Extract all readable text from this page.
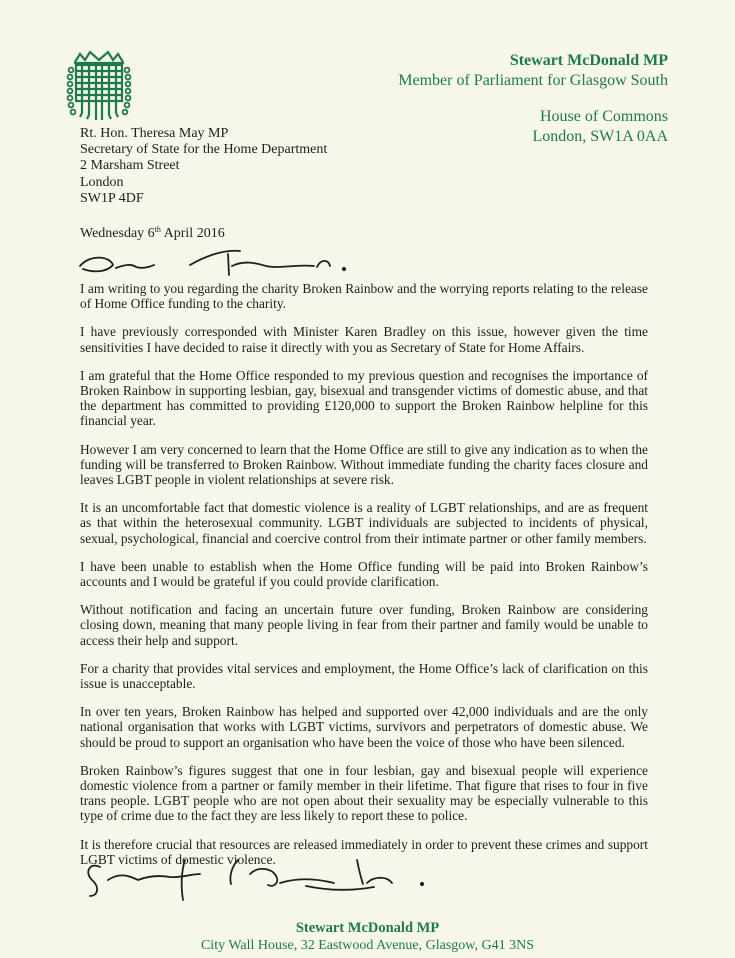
Stewart McDonald MP
Member of Parliament for Glasgow South
House of Commons
London, SW1A 0AA
Rt. Hon. Theresa May MP
Secretary of State for the Home Department
2 Marsham Street
London
SW1P 4DF
Wednesday 6th April 2016

I am writing to you regarding the charity Broken Rainbow and the worrying reports relating to the release of Home Office funding to the charity.

I have previously corresponded with Minister Karen Bradley on this issue, however given the time sensitivities I have decided to raise it directly with you as Secretary of State for Home Affairs.

I am grateful that the Home Office responded to my previous question and recognises the importance of Broken Rainbow in supporting lesbian, gay, bisexual and transgender victims of domestic abuse, and that the department has committed to providing £120,000 to support the Broken Rainbow helpline for this financial year.

However I am very concerned to learn that the Home Office are still to give any indication as to when the funding will be transferred to Broken Rainbow. Without immediate funding the charity faces closure and leaves LGBT people in violent relationships at severe risk.

It is an uncomfortable fact that domestic violence is a reality of LGBT relationships, and are as frequent as that within the heterosexual community. LGBT individuals are subjected to incidents of physical, sexual, psychological, financial and coercive control from their intimate partner or other family members.

I have been unable to establish when the Home Office funding will be paid into Broken Rainbow’s accounts and I would be grateful if you could provide clarification.

Without notification and facing an uncertain future over funding, Broken Rainbow are considering closing down, meaning that many people living in fear from their partner and family would be unable to access their help and support.

For a charity that provides vital services and employment, the Home Office’s lack of clarification on this issue is unacceptable.

In over ten years, Broken Rainbow has helped and supported over 42,000 individuals and are the only national organisation that works with LGBT victims, survivors and perpetrators of domestic abuse. We should be proud to support an organisation who have been the voice of those who have been silenced.

Broken Rainbow’s figures suggest that one in four lesbian, gay and bisexual people will experience domestic violence from a partner or family member in their lifetime. That figure that rises to four in five trans people. LGBT people who are not open about their sexuality may be especially vulnerable to this type of crime due to the fact they are less likely to report these to police.

It is therefore crucial that resources are released immediately in order to prevent these crimes and support LGBT victims of domestic violence.

Stewart McDonald MP
City Wall House, 32 Eastwood Avenue, Glasgow, G41 3NS
